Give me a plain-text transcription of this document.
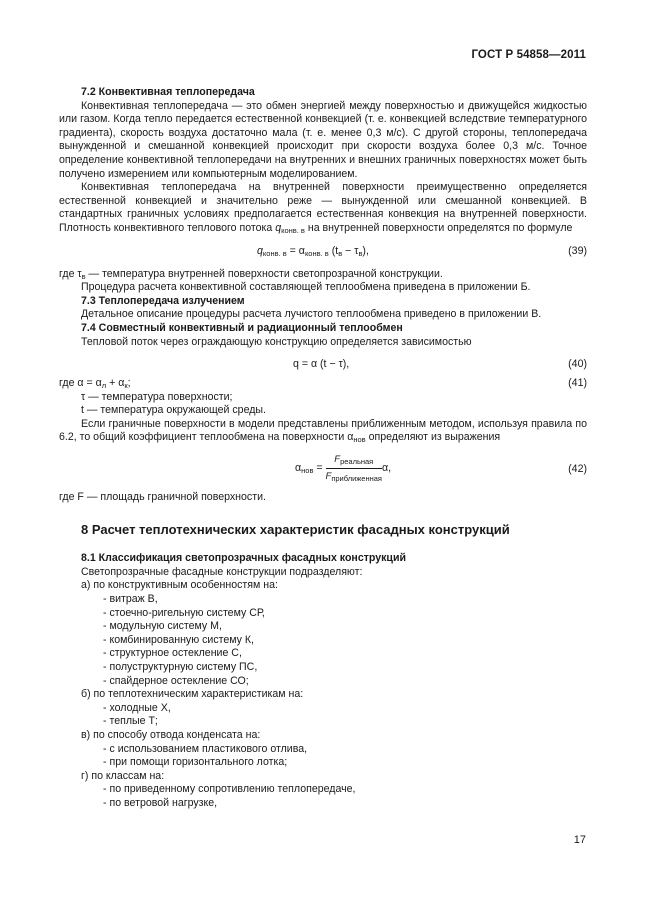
ГОСТ Р 54858—2011
7.2 Конвективная теплопередача

Конвективная теплопередача — это обмен энергией между поверхностью и движущейся жидкостью или газом. Когда тепло передается естественной конвекцией (т. е. конвекцией вследствие температурного градиента), скорость воздуха достаточно мала (т. е. менее 0,3 м/с). С другой стороны, теплопередача вынужденной и смешанной конвекцией происходит при скорости воздуха более 0,3 м/с. Точное определение конвективной теплопередачи на внутренних и внешних граничных поверхностях может быть получено измерением или компьютерным моделированием.

Конвективная теплопередача на внутренней поверхности преимущественно определяется естественной конвекцией и значительно реже — вынужденной или смешанной конвекцией. В стандартных граничных условиях предполагается естественная конвекция на внутренней поверхности. Плотность конвективного теплового потока qконв. в на внутренней поверхности определятся по формуле

qконв. в = αконв. в (tв − τв),	(39)

где τв — температура внутренней поверхности светопрозрачной конструкции.

Процедура расчета конвективной составляющей теплообмена приведена в приложении Б.

7.3 Теплопередача излучением

Детальное описание процедуры расчета лучистого теплообмена приведено в приложении В.

7.4 Совместный конвективный и радиационный теплообмен

Тепловой поток через ограждающую конструкцию определяется зависимостью

q = α (t − τ),	(40)
где α = αл + αк;	(41)

τ — температура поверхности;

t — температура окружающей среды.

Если граничные поверхности в модели представлены приближенным методом, используя правила по 6.2, то общий коэффициент теплообмена на поверхности αнов определяют из выражения

$\alpha нов = \frac{F_{реальная}}{F_{приближенная}} \alpha$,	(42)

где F — площадь граничной поверхности.

8 Расчет теплотехнических характеристик фасадных конструкций
8.1 Классификация светопрозрачных фасадных конструкций

Светопрозрачные фасадные конструкции подразделяют:

а) по конструктивным особенностям на:

- витраж В,

- стоечно-ригельную систему СР,

- модульную систему М,

- комбинированную систему К,

- структурное остекление С,

- полуструктурную систему ПС,

- спайдерное остекление СО;

б) по теплотехническим характеристикам на:

- холодные Х,

- теплые Т;

в) по способу отвода конденсата на:

- с использованием пластикового отлива,

- при помощи горизонтального лотка;

г) по классам на:

- по приведенному сопротивлению теплопередаче,

- по ветровой нагрузке,

17
